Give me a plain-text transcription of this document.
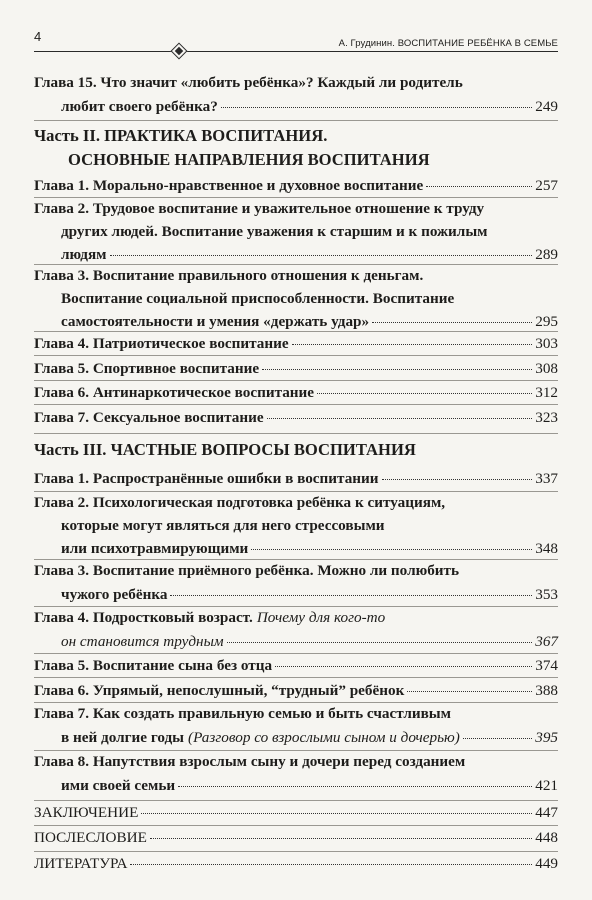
4	А. Грудинин. ВОСПИТАНИЕ РЕБЁНКА В СЕМЬЕ
Глава 15. Что значит «любить ребёнка»? Каждый ли родитель
любит своего ребёнка?	249
Часть II. ПРАКТИКА ВОСПИТАНИЯ.
ОСНОВНЫЕ НАПРАВЛЕНИЯ ВОСПИТАНИЯ
Глава 1. Морально-нравственное и духовное воспитание	257
Глава 2. Трудовое воспитание и уважительное отношение к труду
других людей. Воспитание уважения к старшим и к пожилым
людям	289
Глава 3. Воспитание правильного отношения к деньгам.
Воспитание социальной приспособленности. Воспитание
самостоятельности и умения «держать удар»	295
Глава 4. Патриотическое воспитание	303
Глава 5. Спортивное воспитание	308
Глава 6. Антинаркотическое воспитание	312
Глава 7. Сексуальное воспитание	323
Часть III. ЧАСТНЫЕ ВОПРОСЫ ВОСПИТАНИЯ
Глава 1. Распространённые ошибки в воспитании	337
Глава 2. Психологическая подготовка ребёнка к ситуациям,
которые могут являться для него стрессовыми
или психотравмирующими	348
Глава 3. Воспитание приёмного ребёнка. Можно ли полюбить
чужого ребёнка	353
Глава 4. Подростковый возраст. Почему для кого-то
он становится трудным	367
Глава 5. Воспитание сына без отца	374
Глава 6. Упрямый, непослушный, “трудный” ребёнок	388
Глава 7. Как создать правильную семью и быть счастливым
в ней долгие годы (Разговор со взрослыми сыном и дочерью)	395
Глава 8. Напутствия взрослым сыну и дочери перед созданием
ими своей семьи	421
ЗАКЛЮЧЕНИЕ	447
ПОСЛЕСЛОВИЕ	448
ЛИТЕРАТУРА	449
